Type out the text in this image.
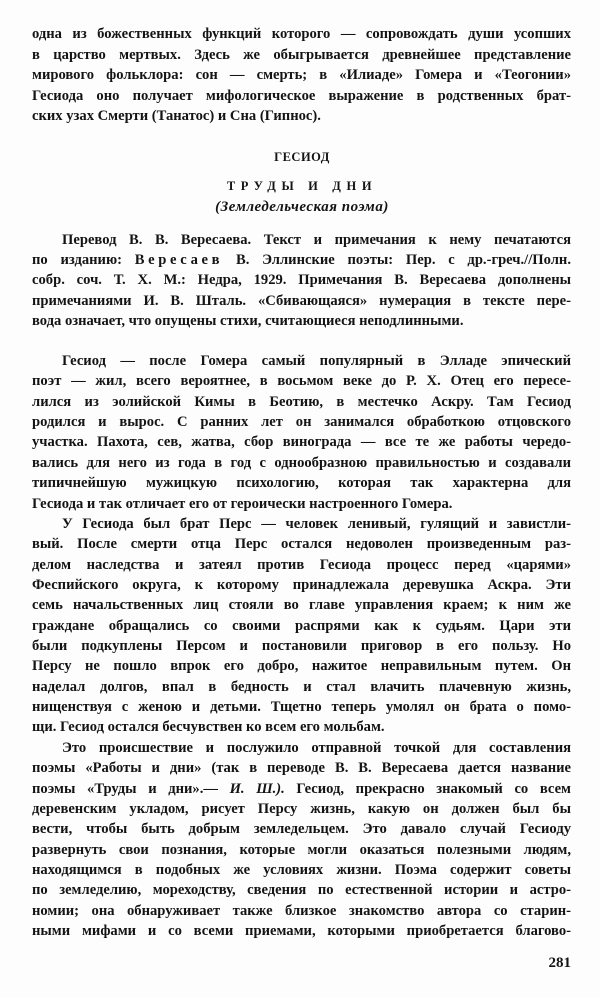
одна из божественных функций которого — сопровождать души усопших
в царство мертвых. Здесь же обыгрывается древнейшее представление
мирового фольклора: сон — смерть; в «Илиаде» Гомера и «Теогонии»
Гесиода оно получает мифологическое выражение в родственных брат-
ских узах Смерти (Танатос) и Сна (Гипнос).
ГЕСИОД
ТРУДЫ И ДНИ
(Земледельческая поэма)
Перевод В. В. Вересаева. Текст и примечания к нему печатаются
по изданию: Вересаев В. Эллинские поэты: Пер. с др.-греч.//Полн.
собр. соч. Т. X. М.: Недра, 1929. Примечания В. Вересаева дополнены
примечаниями И. В. Шталь. «Сбивающаяся» нумерация в тексте пере-
вода означает, что опущены стихи, считающиеся неподлинными.
Гесиод — после Гомера самый популярный в Элладе эпический
поэт — жил, всего вероятнее, в восьмом веке до Р. Х. Отец его пересе-
лился из эолийской Кимы в Беотию, в местечко Аскру. Там Гесиод
родился и вырос. С ранних лет он занимался обработкою отцовского
участка. Пахота, сев, жатва, сбор винограда — все те же работы чередо-
вались для него из года в год с однообразною правильностью и создавали
типичнейшую мужицкую психологию, которая так характерна для
Гесиода и так отличает его от героически настроенного Гомера.
У Гесиода был брат Перс — человек ленивый, гулящий и завистли-
вый. После смерти отца Перс остался недоволен произведенным раз-
делом наследства и затеял против Гесиода процесс перед «царями»
Феспийского округа, к которому принадлежала деревушка Аскра. Эти
семь начальственных лиц стояли во главе управления краем; к ним же
граждане обращались со своими распрями как к судьям. Цари эти
были подкуплены Персом и постановили приговор в его пользу. Но
Персу не пошло впрок его добро, нажитое неправильным путем. Он
наделал долгов, впал в бедность и стал влачить плачевную жизнь,
нищенствуя с женою и детьми. Тщетно теперь умолял он брата о помо-
щи. Гесиод остался бесчувствен ко всем его мольбам.
Это происшествие и послужило отправной точкой для составления
поэмы «Работы и дни» (так в переводе В. В. Вересаева дается название
поэмы «Труды и дни».— И. Ш.). Гесиод, прекрасно знакомый со всем
деревенским укладом, рисует Персу жизнь, какую он должен был бы
вести, чтобы быть добрым земледельцем. Это давало случай Гесиоду
развернуть свои познания, которые могли оказаться полезными людям,
находящимся в подобных же условиях жизни. Поэма содержит советы
по земледелию, мореходству, сведения по естественной истории и астро-
номии; она обнаруживает также близкое знакомство автора со старин-
ными мифами и со всеми приемами, которыми приобретается благово-
281
